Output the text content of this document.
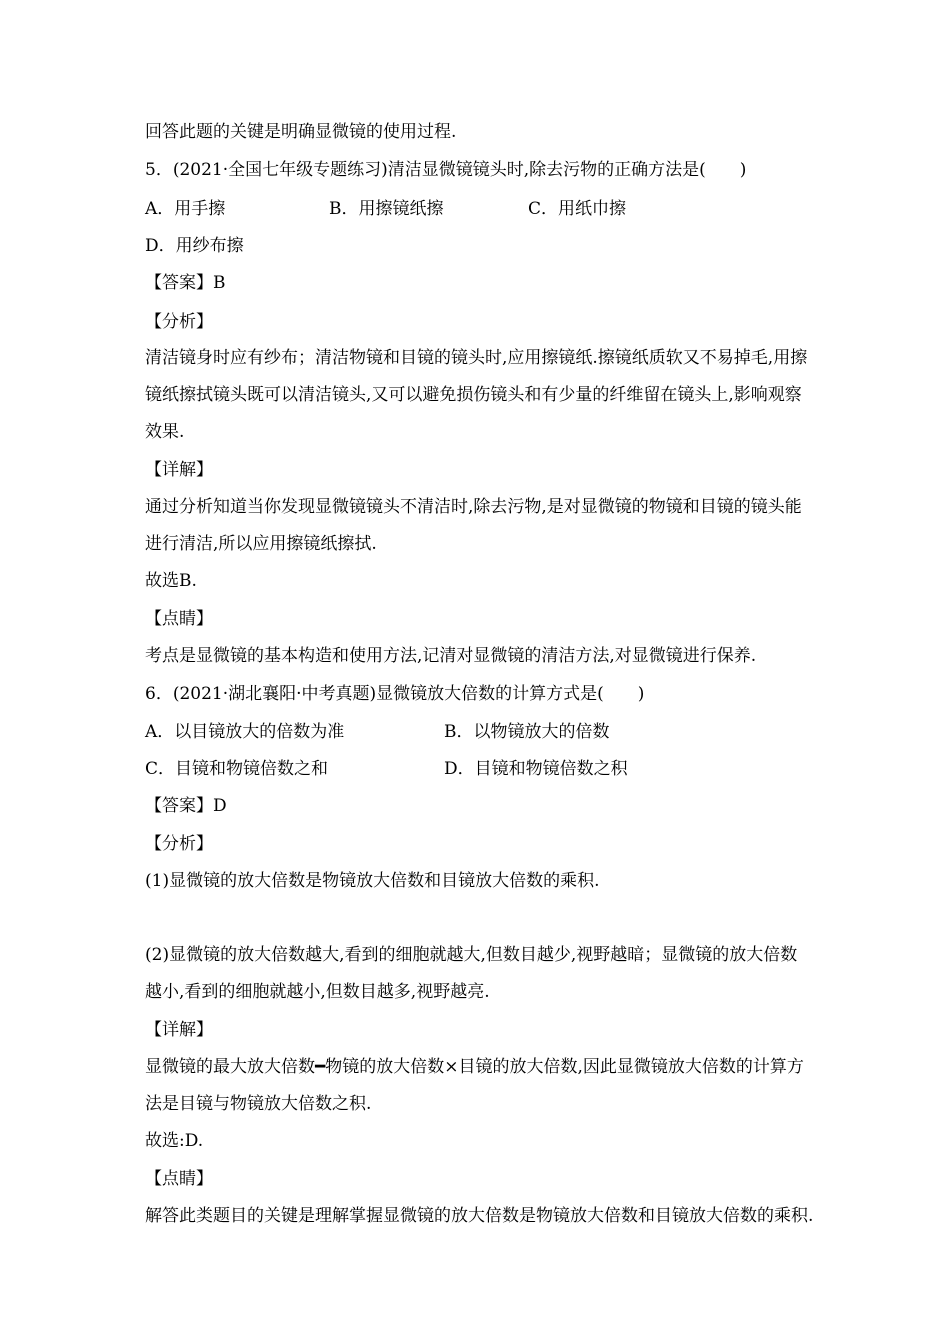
回答此题的关键是明确显微镜的使用过程.
5．(2021·全国七年级专题练习)清洁显微镜镜头时,除去污物的正确方法是(　　)
A．用手擦	B．用擦镜纸擦	C．用纸巾擦
D．用纱布擦
【答案】B
【分析】
清洁镜身时应有纱布；清洁物镜和目镜的镜头时,应用擦镜纸.擦镜纸质软又不易掉毛,用擦
镜纸擦拭镜头既可以清洁镜头,又可以避免损伤镜头和有少量的纤维留在镜头上,影响观察
效果.
【详解】
通过分析知道当你发现显微镜镜头不清洁时,除去污物,是对显微镜的物镜和目镜的镜头能
进行清洁,所以应用擦镜纸擦拭.
故选B.
【点睛】
考点是显微镜的基本构造和使用方法,记清对显微镜的清洁方法,对显微镜进行保养.
6．(2021·湖北襄阳·中考真题)显微镜放大倍数的计算方式是(　　)
A．以目镜放大的倍数为准	B．以物镜放大的倍数
C．目镜和物镜倍数之和	D．目镜和物镜倍数之积
【答案】D
【分析】
(1)显微镜的放大倍数是物镜放大倍数和目镜放大倍数的乘积.
(2)显微镜的放大倍数越大,看到的细胞就越大,但数目越少,视野越暗；显微镜的放大倍数
越小,看到的细胞就越小,但数目越多,视野越亮.
【详解】
显微镜的最大放大倍数━物镜的放大倍数×目镜的放大倍数,因此显微镜放大倍数的计算方
法是目镜与物镜放大倍数之积.
故选:D.
【点睛】
解答此类题目的关键是理解掌握显微镜的放大倍数是物镜放大倍数和目镜放大倍数的乘积.
